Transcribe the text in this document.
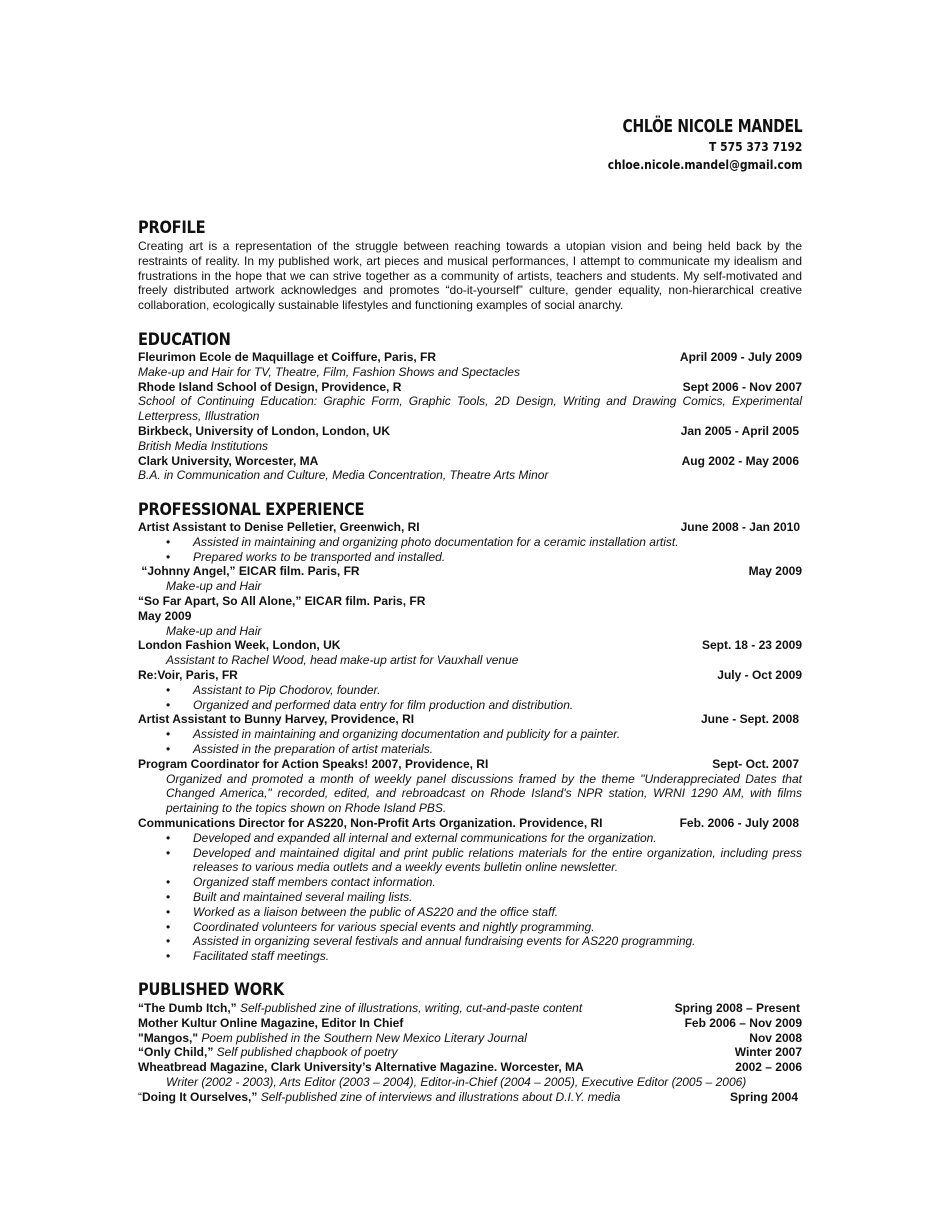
CHLÖE NICOLE MANDEL
T 575 373 7192
chloe.nicole.mandel@gmail.com
PROFILE
Creating art is a representation of the struggle between reaching towards a utopian vision and being held back by the restraints of reality. In my published work, art pieces and musical performances, I attempt to communicate my idealism and frustrations in the hope that we can strive together as a community of artists, teachers and students. My self-motivated and freely distributed artwork acknowledges and promotes “do-it-yourself” culture, gender equality, non-hierarchical creative collaboration, ecologically sustainable lifestyles and functioning examples of social anarchy.
EDUCATION
Fleurimon Ecole de Maquillage et Coiffure, Paris, FR	April 2009 - July 2009
Make-up and Hair for TV, Theatre, Film, Fashion Shows and Spectacles
Rhode Island School of Design, Providence, R	Sept 2006 - Nov 2007
School of Continuing Education: Graphic Form, Graphic Tools, 2D Design, Writing and Drawing Comics, Experimental Letterpress, Illustration
Birkbeck, University of London, London, UK	Jan 2005 - April 2005
British Media Institutions
Clark University, Worcester, MA	Aug 2002 - May 2006
B.A. in Communication and Culture, Media Concentration, Theatre Arts Minor
PROFESSIONAL EXPERIENCE
Artist Assistant to Denise Pelletier, Greenwich, RI	June 2008 - Jan 2010
•	Assisted in maintaining and organizing photo documentation for a ceramic installation artist.
•	Prepared works to be transported and installed.
“Johnny Angel,” EICAR film. Paris, FR	May 2009
Make-up and Hair
“So Far Apart, So All Alone,” EICAR film. Paris, FR
May 2009
Make-up and Hair
London Fashion Week, London, UK	Sept. 18 - 23 2009
Assistant to Rachel Wood, head make-up artist for Vauxhall venue
Re:Voir, Paris, FR	July - Oct 2009
•	Assistant to Pip Chodorov, founder.
•	Organized and performed data entry for film production and distribution.
Artist Assistant to Bunny Harvey, Providence, RI	June - Sept. 2008
•	Assisted in maintaining and organizing documentation and publicity for a painter.
•	Assisted in the preparation of artist materials.
Program Coordinator for Action Speaks! 2007, Providence, RI	Sept- Oct. 2007
Organized and promoted a month of weekly panel discussions framed by the theme "Underappreciated Dates that Changed America," recorded, edited, and rebroadcast on Rhode Island's NPR station, WRNI 1290 AM, with films pertaining to the topics shown on Rhode Island PBS.
Communications Director for AS220, Non-Profit Arts Organization. Providence, RI	Feb. 2006 - July 2008
•	Developed and expanded all internal and external communications for the organization.
•	Developed and maintained digital and print public relations materials for the entire organization, including press releases to various media outlets and a weekly events bulletin online newsletter.
•	Organized staff members contact information.
•	Built and maintained several mailing lists.
•	Worked as a liaison between the public of AS220 and the office staff.
•	Coordinated volunteers for various special events and nightly programming.
•	Assisted in organizing several festivals and annual fundraising events for AS220 programming.
•	Facilitated staff meetings.
PUBLISHED WORK
“The Dumb Itch,” Self-published zine of illustrations, writing, cut-and-paste content	Spring 2008 – Present
Mother Kultur Online Magazine, Editor In Chief	Feb 2006 – Nov 2009
"Mangos," Poem published in the Southern New Mexico Literary Journal	Nov 2008
“Only Child,” Self published chapbook of poetry	Winter 2007
Wheatbread Magazine, Clark University’s Alternative Magazine. Worcester, MA	2002 – 2006
Writer (2002 - 2003), Arts Editor (2003 – 2004), Editor-in-Chief (2004 – 2005), Executive Editor (2005 – 2006)
“Doing It Ourselves,” Self-published zine of interviews and illustrations about D.I.Y. media	Spring 2004
